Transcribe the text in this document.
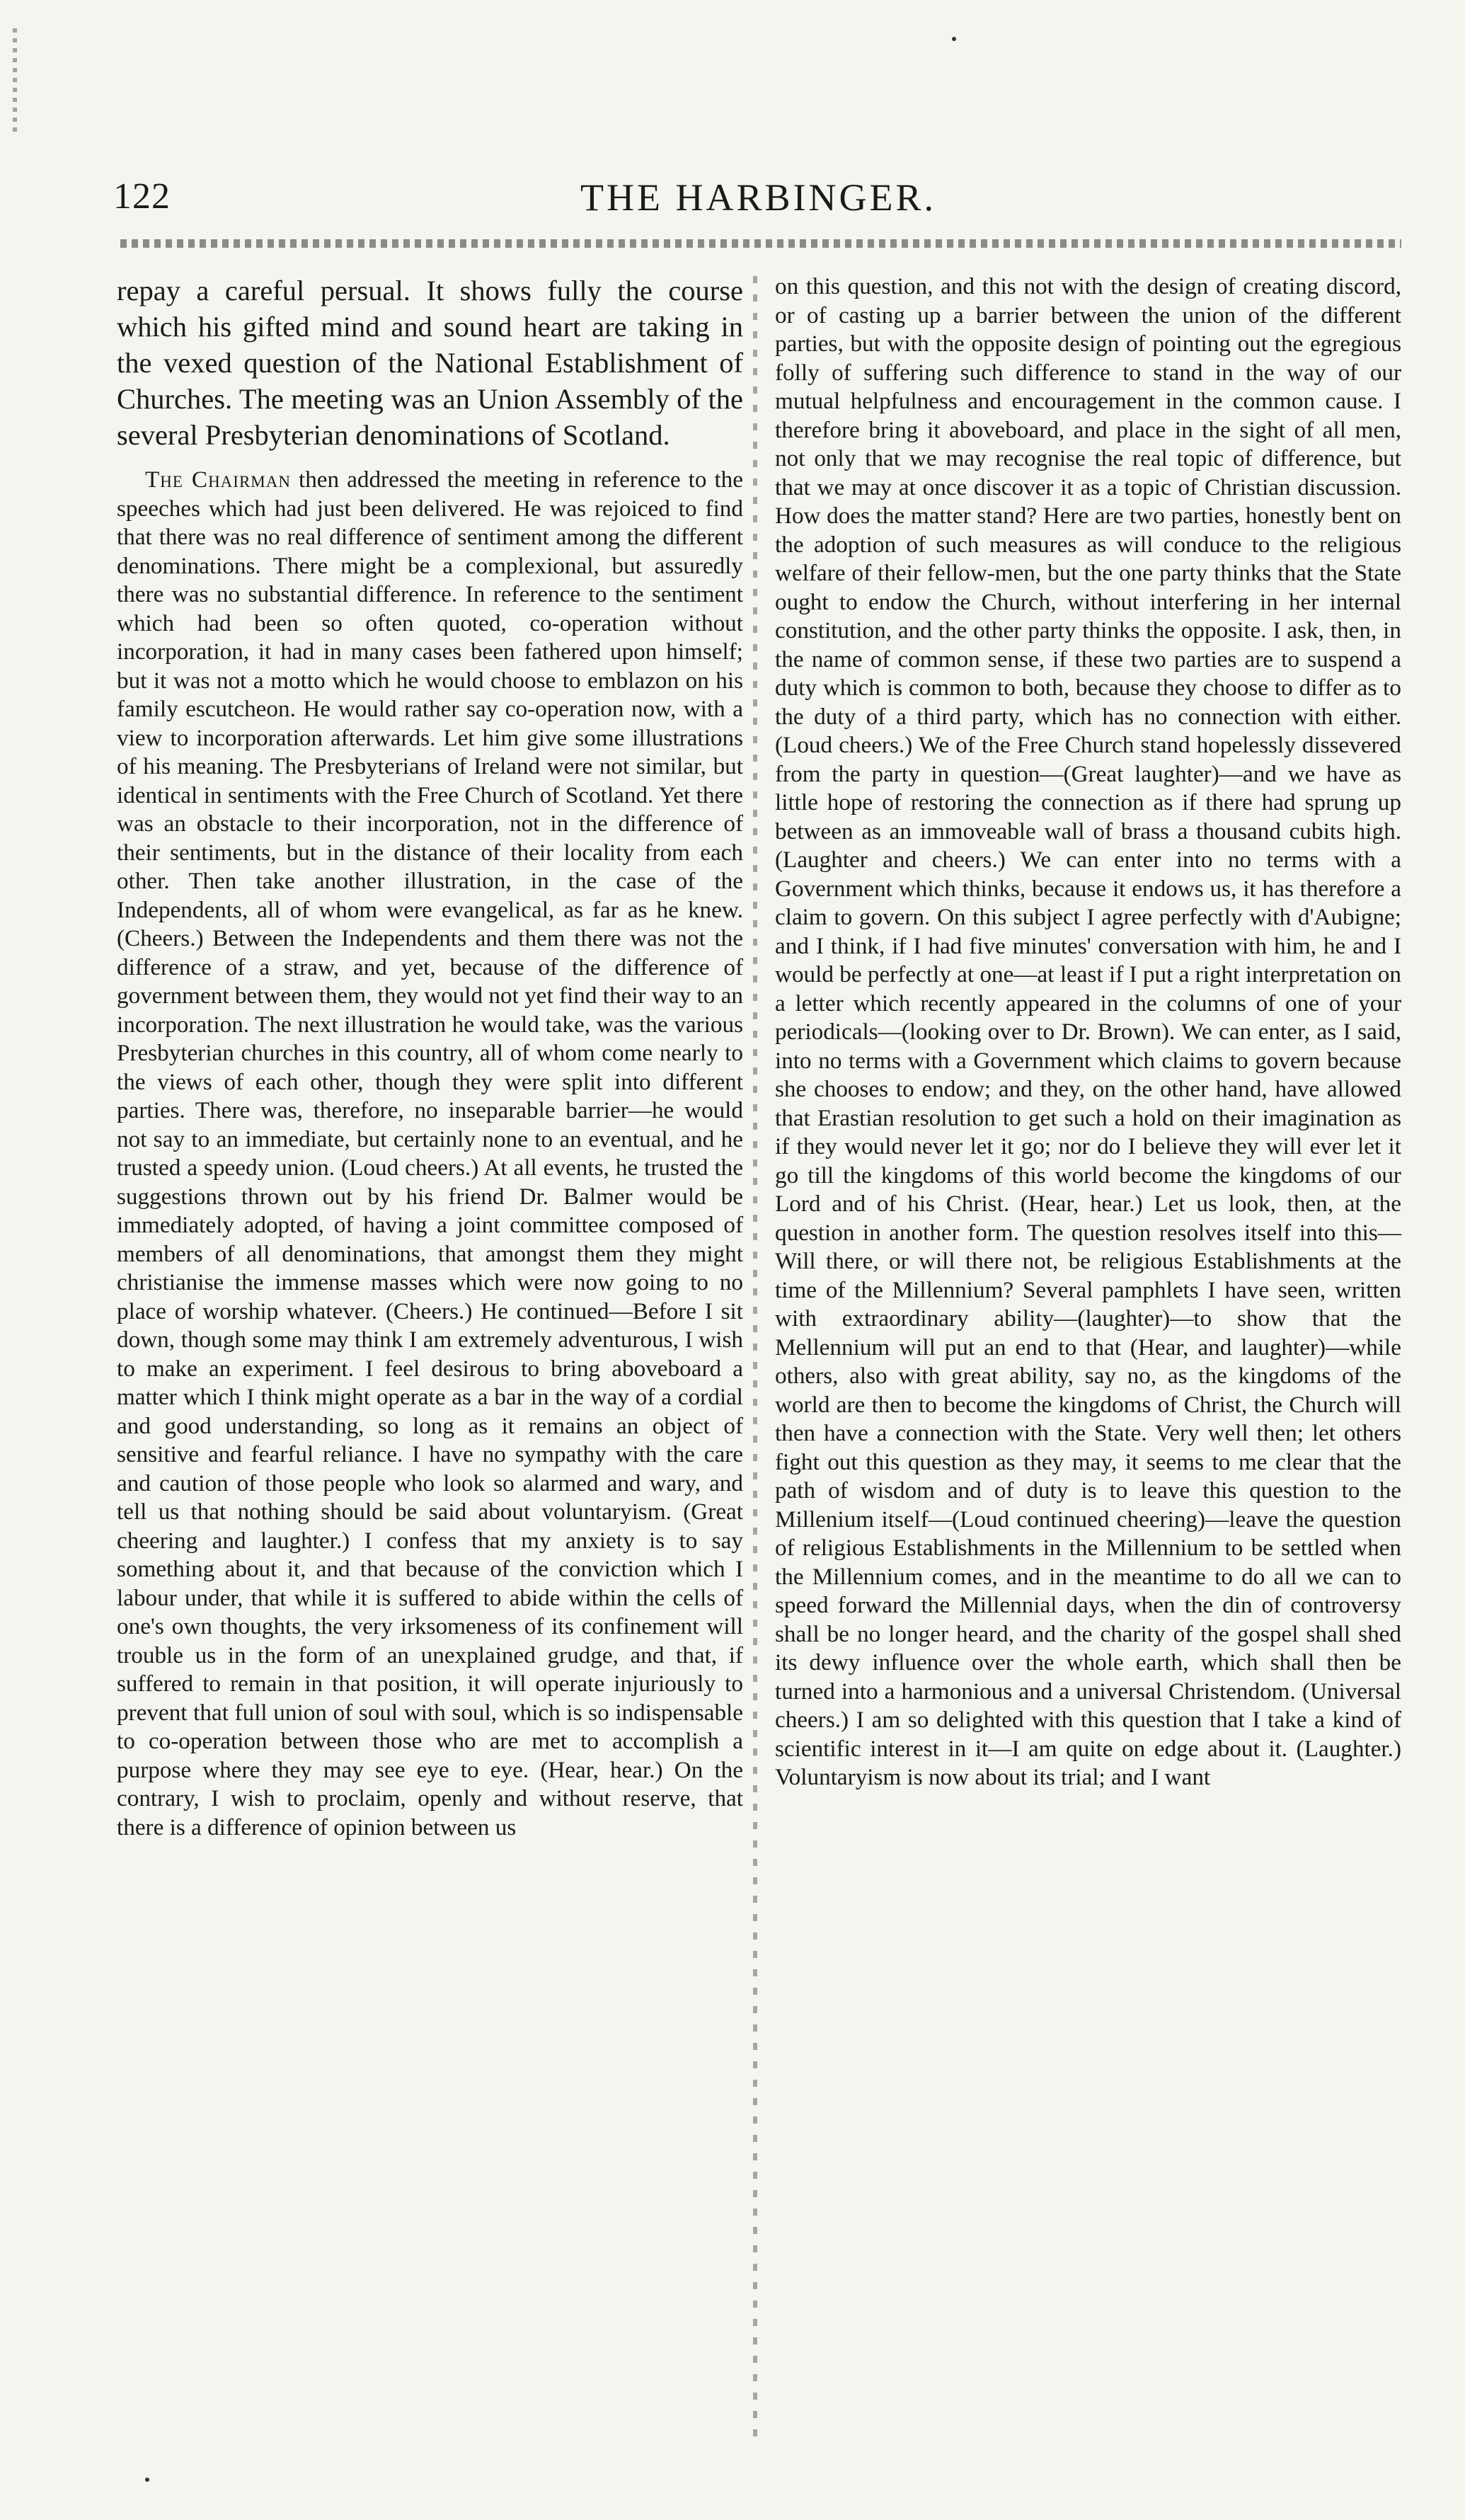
122	THE HARBINGER.

repay a careful persual. It shows fully the course which his gifted mind and sound heart are taking in the vexed question of the National Establishment of Churches. The meeting was an Union Assembly of the several Presbyterian denominations of Scotland.

The Chairman then addressed the meeting in reference to the speeches which had just been delivered. He was rejoiced to find that there was no real difference of sentiment among the different denominations. There might be a complexional, but assuredly there was no substantial difference. In reference to the sentiment which had been so often quoted, co-operation without incorporation, it had in many cases been fathered upon himself; but it was not a motto which he would choose to emblazon on his family escutcheon. He would rather say co-operation now, with a view to incorporation afterwards. Let him give some illustrations of his meaning. The Presbyterians of Ireland were not similar, but identical in sentiments with the Free Church of Scotland. Yet there was an obstacle to their incorporation, not in the difference of their sentiments, but in the distance of their locality from each other. Then take another illustration, in the case of the Independents, all of whom were evangelical, as far as he knew. (Cheers.) Between the Independents and them there was not the difference of a straw, and yet, because of the difference of government between them, they would not yet find their way to an incorporation. The next illustration he would take, was the various Presbyterian churches in this country, all of whom come nearly to the views of each other, though they were split into different parties. There was, therefore, no inseparable barrier—he would not say to an immediate, but certainly none to an eventual, and he trusted a speedy union. (Loud cheers.) At all events, he trusted the suggestions thrown out by his friend Dr. Balmer would be immediately adopted, of having a joint committee composed of members of all denominations, that amongst them they might christianise the immense masses which were now going to no place of worship whatever. (Cheers.) He continued—Before I sit down, though some may think I am extremely adventurous, I wish to make an experiment. I feel desirous to bring aboveboard a matter which I think might operate as a bar in the way of a cordial and good understanding, so long as it remains an object of sensitive and fearful reliance. I have no sympathy with the care and caution of those people who look so alarmed and wary, and tell us that nothing should be said about voluntaryism. (Great cheering and laughter.) I confess that my anxiety is to say something about it, and that because of the conviction which I labour under, that while it is suffered to abide within the cells of one's own thoughts, the very irksomeness of its confinement will trouble us in the form of an unexplained grudge, and that, if suffered to remain in that position, it will operate injuriously to prevent that full union of soul with soul, which is so indispensable to co-operation between those who are met to accomplish a purpose where they may see eye to eye. (Hear, hear.) On the contrary, I wish to proclaim, openly and without reserve, that there is a difference of opinion between us

on this question, and this not with the design of creating discord, or of casting up a barrier between the union of the different parties, but with the opposite design of pointing out the egregious folly of suffering such difference to stand in the way of our mutual helpfulness and encouragement in the common cause. I therefore bring it aboveboard, and place in the sight of all men, not only that we may recognise the real topic of difference, but that we may at once discover it as a topic of Christian discussion. How does the matter stand? Here are two parties, honestly bent on the adoption of such measures as will conduce to the religious welfare of their fellow-men, but the one party thinks that the State ought to endow the Church, without interfering in her internal constitution, and the other party thinks the opposite. I ask, then, in the name of common sense, if these two parties are to suspend a duty which is common to both, because they choose to differ as to the duty of a third party, which has no connection with either. (Loud cheers.) We of the Free Church stand hopelessly dissevered from the party in question—(Great laughter)—and we have as little hope of restoring the connection as if there had sprung up between as an immoveable wall of brass a thousand cubits high. (Laughter and cheers.) We can enter into no terms with a Government which thinks, because it endows us, it has therefore a claim to govern. On this subject I agree perfectly with d'Aubigne; and I think, if I had five minutes' conversation with him, he and I would be perfectly at one—at least if I put a right interpretation on a letter which recently appeared in the columns of one of your periodicals—(looking over to Dr. Brown). We can enter, as I said, into no terms with a Government which claims to govern because she chooses to endow; and they, on the other hand, have allowed that Erastian resolution to get such a hold on their imagination as if they would never let it go; nor do I believe they will ever let it go till the kingdoms of this world become the kingdoms of our Lord and of his Christ. (Hear, hear.) Let us look, then, at the question in another form. The question resolves itself into this—Will there, or will there not, be religious Establishments at the time of the Millennium? Several pamphlets I have seen, written with extraordinary ability—(laughter)—to show that the Mellennium will put an end to that (Hear, and laughter)—while others, also with great ability, say no, as the kingdoms of the world are then to become the kingdoms of Christ, the Church will then have a connection with the State. Very well then; let others fight out this question as they may, it seems to me clear that the path of wisdom and of duty is to leave this question to the Millenium itself—(Loud continued cheering)—leave the question of religious Establishments in the Millennium to be settled when the Millennium comes, and in the meantime to do all we can to speed forward the Millennial days, when the din of controversy shall be no longer heard, and the charity of the gospel shall shed its dewy influence over the whole earth, which shall then be turned into a harmonious and a universal Christendom. (Universal cheers.) I am so delighted with this question that I take a kind of scientific interest in it—I am quite on edge about it. (Laughter.) Voluntaryism is now about its trial; and I want
